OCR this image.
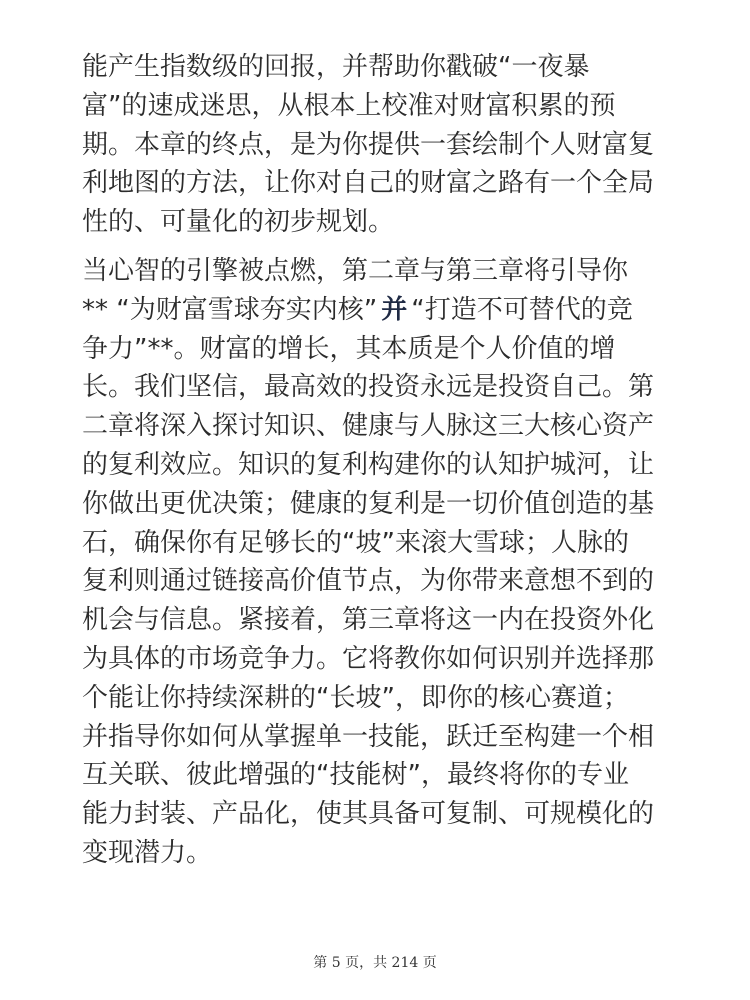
能产生指数级的回报，并帮助你戳破“一夜暴
富”的速成迷思，从根本上校准对财富积累的预
期。本章的终点，是为你提供一套绘制个人财富复
利地图的方法，让你对自己的财富之路有一个全局
性的、可量化的初步规划。
当心智的引擎被点燃，第二章与第三章将引导你
** “为财富雪球夯实内核” 并 “打造不可替代的竞
争力”**。财富的增长，其本质是个人价值的增
长。我们坚信，最高效的投资永远是投资自己。第
二章将深入探讨知识、健康与人脉这三大核心资产
的复利效应。知识的复利构建你的认知护城河，让
你做出更优决策；健康的复利是一切价值创造的基
石，确保你有足够长的“坡”来滚大雪球；人脉的
复利则通过链接高价值节点，为你带来意想不到的
机会与信息。紧接着，第三章将这一内在投资外化
为具体的市场竞争力。它将教你如何识别并选择那
个能让你持续深耕的“长坡”，即你的核心赛道；
并指导你如何从掌握单一技能，跃迁至构建一个相
互关联、彼此增强的“技能树”，最终将你的专业
能力封装、产品化，使其具备可复制、可规模化的
变现潜力。
第 5 页，共 214 页
